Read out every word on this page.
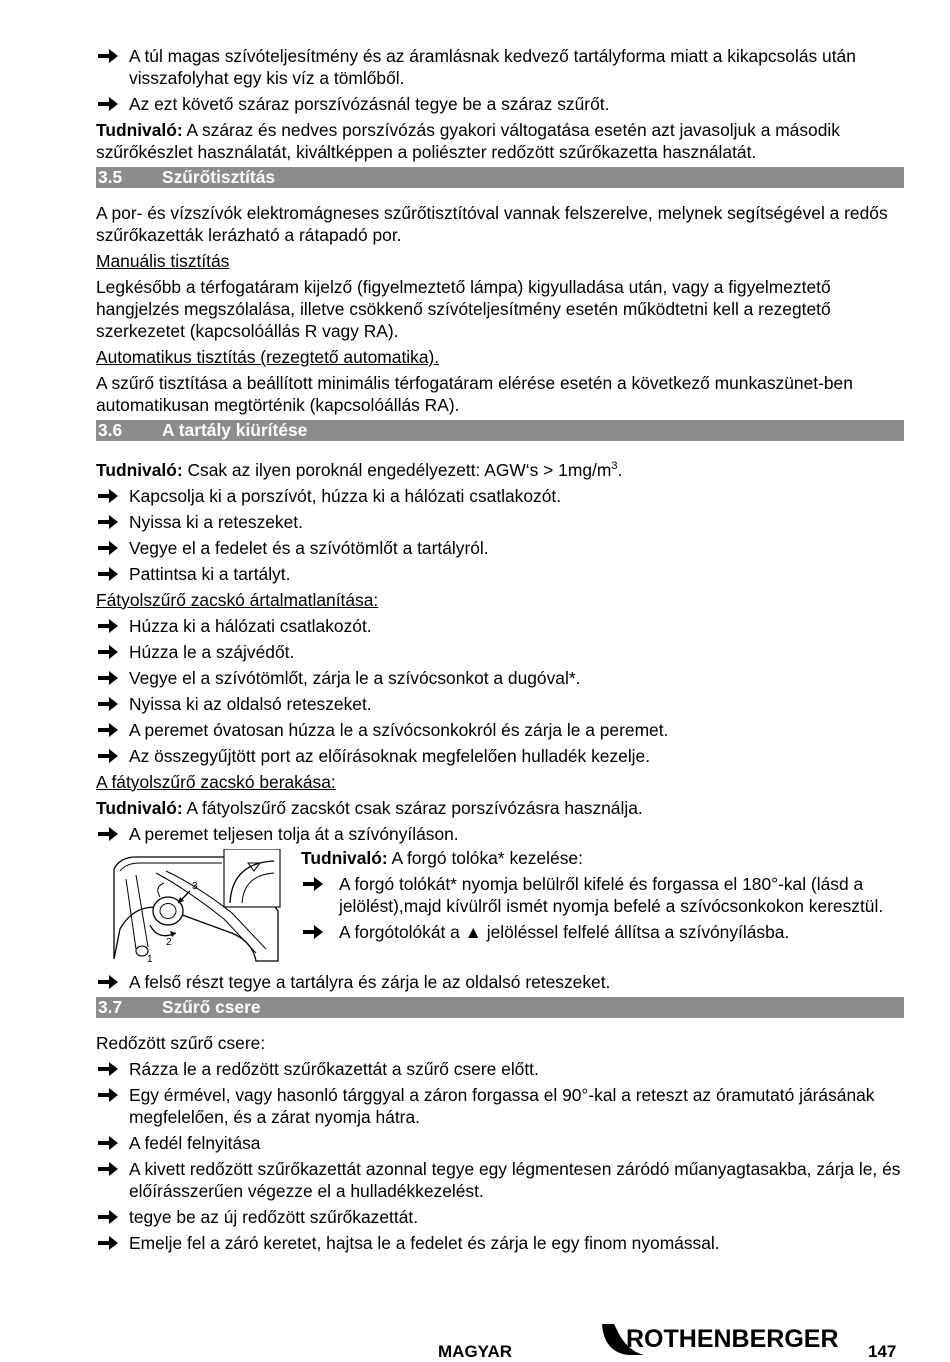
A túl magas szívóteljesítmény és az áramlásnak kedvező tartályforma miatt a kikapcsolás után visszafolyhat egy kis víz a tömlőből.
Az ezt követő száraz porszívózásnál tegye be a száraz szűrőt.

Tudnivaló: A száraz és nedves porszívózás gyakori váltogatása esetén azt javasoljuk a második szűrőkészlet használatát, kiváltképpen a poliészter redőzött szűrőkazetta használatát.

3.5 Szűrőtisztítás

A por- és vízszívók elektromágneses szűrőtisztítóval vannak felszerelve, melynek segítségével a redős szűrőkazetták lerázható a rátapadó por.

Manuális tisztítás

Legkésőbb a térfogatáram kijelző (figyelmeztető lámpa) kigyulladása után, vagy a figyelmeztető hangjelzés megszólalása, illetve csökkenő szívóteljesítmény esetén működtetni kell a rezegtető szerkezetet (kapcsolóállás R vagy RA).

Automatikus tisztítás (rezegtető automatika).

A szűrő tisztítása a beállított minimális térfogatáram elérése esetén a következő munkaszünet-ben automatikusan megtörténik (kapcsolóállás RA).

3.6 A tartály kiürítése

Tudnivaló: Csak az ilyen poroknál engedélyezett: AGW‘s > $1mg/m^3$.

Kapcsolja ki a porszívót, húzza ki a hálózati csatlakozót.
Nyissa ki a reteszeket.
Vegye el a fedelet és a szívótömlőt a tartályról.
Pattintsa ki a tartályt.

Fátyolszűrő zacskó ártalmatlanítása:

Húzza ki a hálózati csatlakozót.
Húzza le a szájvédőt.
Vegye el a szívótömlőt, zárja le a szívócsonkot a dugóval*.
Nyissa ki az oldalsó reteszeket.
A peremet óvatosan húzza le a szívócsonkokról és zárja le a peremet.
Az összegyűjtött port az előírásoknak megfelelően hulladék kezelje.

A fátyolszűrő zacskó berakása:

Tudnivaló: A fátyolszűrő zacskót csak száraz porszívózásra használja.

A peremet teljesen tolja át a szívónyíláson.
1
2
3

Tudnivaló: A forgó tolóka* kezelése:

A forgó tolókát* nyomja belülről kifelé és forgassa el 180°-kal (lásd a jelölést),majd kívülről ismét nyomja befelé a szívócsonkokon keresztül.
A forgótolókát a ▲ jelöléssel felfelé állítsa a szívónyílásba.
A felső részt tegye a tartályra és zárja le az oldalsó reteszeket.
3.7 Szűrő csere

Redőzött szűrő csere:

Rázza le a redőzött szűrőkazettát a szűrő csere előtt.
Egy érmével, vagy hasonló tárggyal a záron forgassa el 90°-kal a reteszt az óramutató járásának megfelelően, és a zárat nyomja hátra.
A fedél felnyitása
A kivett redőzött szűrőkazettát azonnal tegye egy légmentesen záródó műanyagtasakba, zárja le, és előírásszerűen végezze el a hulladékkezelést.
tegye be az új redőzött szűrőkazettát.
Emelje fel a záró keretet, hajtsa le a fedelet és zárja le egy finom nyomással.
MAGYAR	ROTHENBERGER 147
